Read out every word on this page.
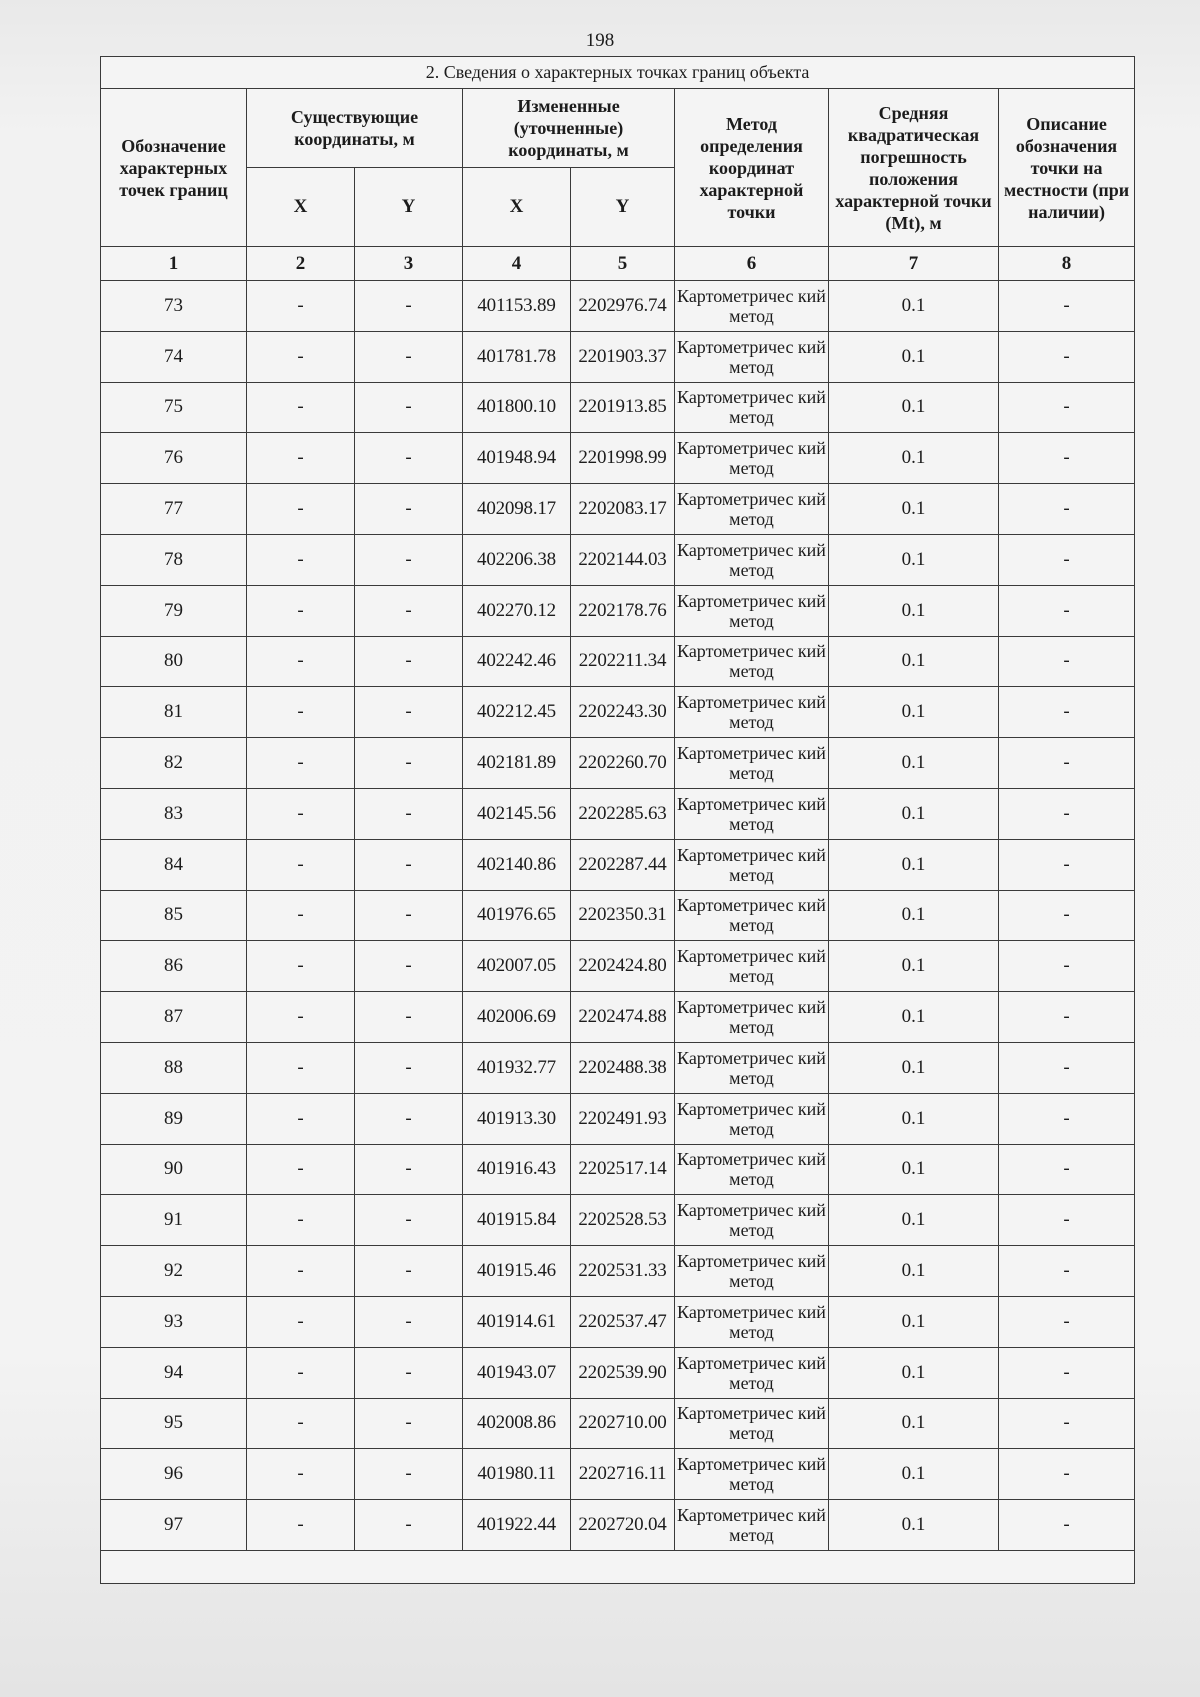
198
2. Сведения о характерных точках границ объекта							
Обозначение характерных точек границ	Существующие координаты, м		Измененные (уточненные) координаты, м		Метод определения координат характерной точки	Средняя квадратическая погрешность положения характерной точки (Mt), м	Описание обозначения точки на местности (при наличии)
	X	Y	X	Y			
1	2	3	4	5	6	7	8
73	-	-	401153.89	2202976.74	Картометричес кий метод	0.1	-
74	-	-	401781.78	2201903.37	Картометричес кий метод	0.1	-
75	-	-	401800.10	2201913.85	Картометричес кий метод	0.1	-
76	-	-	401948.94	2201998.99	Картометричес кий метод	0.1	-
77	-	-	402098.17	2202083.17	Картометричес кий метод	0.1	-
78	-	-	402206.38	2202144.03	Картометричес кий метод	0.1	-
79	-	-	402270.12	2202178.76	Картометричес кий метод	0.1	-
80	-	-	402242.46	2202211.34	Картометричес кий метод	0.1	-
81	-	-	402212.45	2202243.30	Картометричес кий метод	0.1	-
82	-	-	402181.89	2202260.70	Картометричес кий метод	0.1	-
83	-	-	402145.56	2202285.63	Картометричес кий метод	0.1	-
84	-	-	402140.86	2202287.44	Картометричес кий метод	0.1	-
85	-	-	401976.65	2202350.31	Картометричес кий метод	0.1	-
86	-	-	402007.05	2202424.80	Картометричес кий метод	0.1	-
87	-	-	402006.69	2202474.88	Картометричес кий метод	0.1	-
88	-	-	401932.77	2202488.38	Картометричес кий метод	0.1	-
89	-	-	401913.30	2202491.93	Картометричес кий метод	0.1	-
90	-	-	401916.43	2202517.14	Картометричес кий метод	0.1	-
91	-	-	401915.84	2202528.53	Картометричес кий метод	0.1	-
92	-	-	401915.46	2202531.33	Картометричес кий метод	0.1	-
93	-	-	401914.61	2202537.47	Картометричес кий метод	0.1	-
94	-	-	401943.07	2202539.90	Картометричес кий метод	0.1	-
95	-	-	402008.86	2202710.00	Картометричес кий метод	0.1	-
96	-	-	401980.11	2202716.11	Картометричес кий метод	0.1	-
97	-	-	401922.44	2202720.04	Картометричес кий метод	0.1	-
